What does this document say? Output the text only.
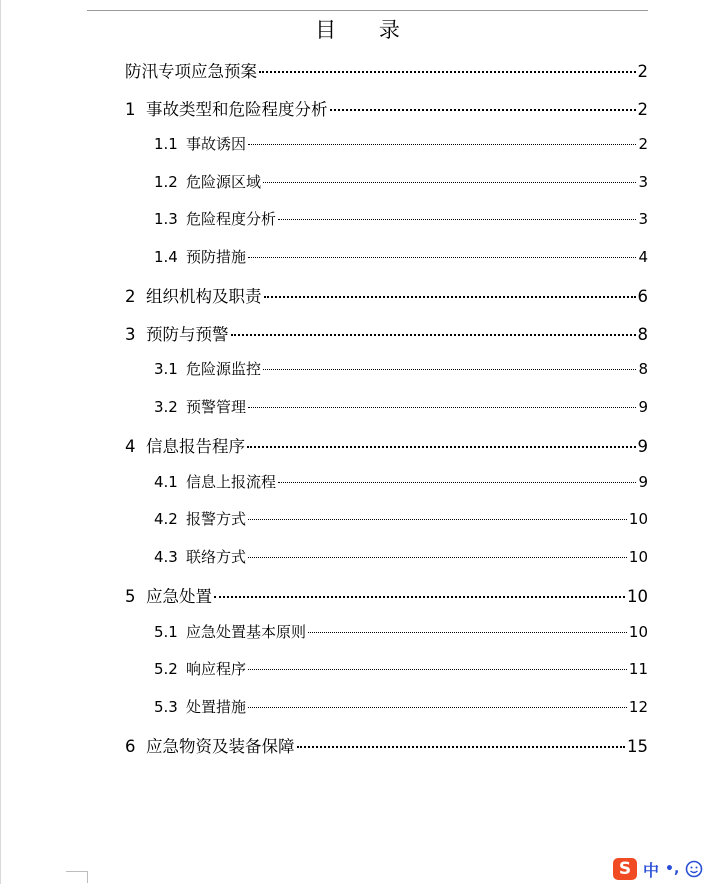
目 录
防汛专项应急预案	2
1 事故类型和危险程度分析	2
1.1 事故诱因	2
1.2 危险源区域	3
1.3 危险程度分析	3
1.4 预防措施	4
2 组织机构及职责	6
3 预防与预警	8
3.1 危险源监控	8
3.2 预警管理	9
4 信息报告程序	9
4.1 信息上报流程	9
4.2 报警方式	10
4.3 联络方式	10
5 应急处置	10
5.1 应急处置基本原则	10
5.2 响应程序	11
5.3 处置措施	12
6 应急物资及装备保障	15
S 中 •,
